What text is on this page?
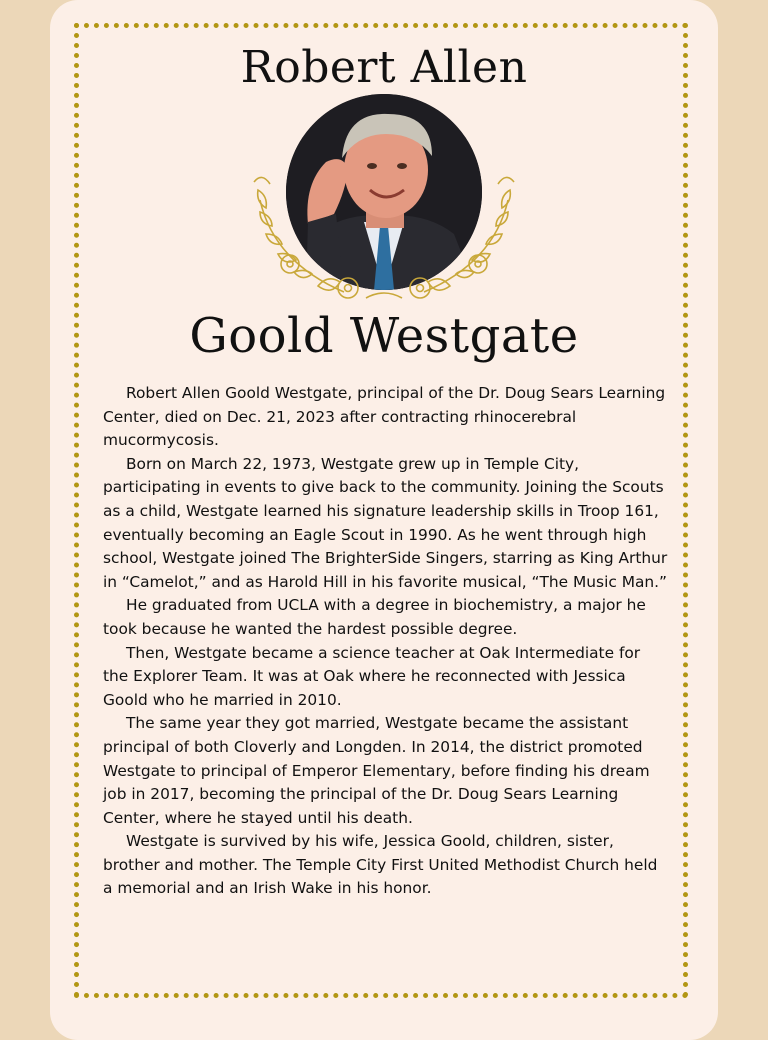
Robert Allen
Goold Westgate

Robert Allen Goold Westgate, principal of the Dr. Doug Sears Learning Center, died on Dec. 21, 2023 after contracting rhinocerebral mucormycosis.

Born on March 22, 1973, Westgate grew up in Temple City, participating in events to give back to the community. Joining the Scouts as a child, Westgate learned his signature leadership skills in Troop 161, eventually becoming an Eagle Scout in 1990. As he went through high school, Westgate joined The BrighterSide Singers, starring as King Arthur in “Camelot,” and as Harold Hill in his favorite musical, “The Music Man.”

He graduated from UCLA with a degree in biochemistry, a major he took because he wanted the hardest possible degree.

Then, Westgate became a science teacher at Oak Intermediate for the Explorer Team. It was at Oak where he reconnected with Jessica Goold who he married in 2010.

The same year they got married, Westgate became the assistant principal of both Cloverly and Longden. In 2014, the district promoted Westgate to principal of Emperor Elementary, before finding his dream job in 2017, becoming the principal of the Dr. Doug Sears Learning Center, where he stayed until his death.

Westgate is survived by his wife, Jessica Goold, children, sister, brother and mother. The Temple City First United Methodist Church held a memorial and an Irish Wake in his honor.
